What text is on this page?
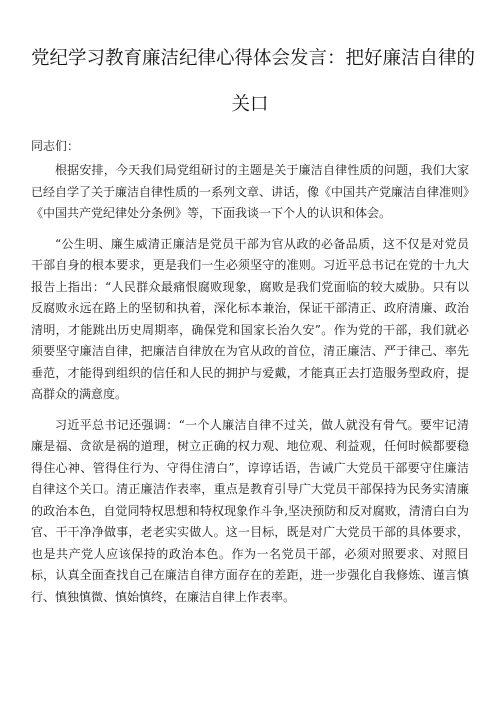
党纪学习教育廉洁纪律心得体会发言：把好廉洁自律的
关口
同志们：

根据安排，今天我们局党组研讨的主题是关于廉洁自律性质的问题，我们大家已经自学了关于廉洁自律性质的一系列文章、讲话，像《中国共产党廉洁自律准则》《中国共产党纪律处分条例》等，下面我谈一下个人的认识和体会。

“公生明、廉生威清正廉洁是党员干部为官从政的必备品质，这不仅是对党员干部自身的根本要求，更是我们一生必须坚守的准则。习近平总书记在党的十九大报告上指出：“人民群众最痛恨腐败现象，腐败是我们党面临的较大威胁。只有以反腐败永远在路上的坚韧和执着，深化标本兼治，保证干部清正、政府清廉、政治清明，才能跳出历史周期率，确保党和国家长治久安”。作为党的干部，我们就必须要坚守廉洁自律，把廉洁自律放在为官从政的首位，清正廉洁、严于律己、率先垂范，才能得到组织的信任和人民的拥护与爱戴，才能真正去打造服务型政府，提高群众的满意度。

习近平总书记还强调：“一个人廉洁自律不过关，做人就没有骨气。要牢记清廉是福、贪欲是祸的道理，树立正确的权力观、地位观、利益观，任何时候都要稳得住心神、管得住行为、守得住清白”，谆谆话语，告诫广大党员干部要守住廉洁自律这个关口。清正廉洁作表率，重点是教育引导广大党员干部保持为民务实清廉的政治本色，自觉同特权思想和特权现象作斗争,坚决预防和反对腐败，清清白白为官、干干净净做事，老老实实做人。这一目标，既是对广大党员干部的具体要求，也是共产党人应该保持的政治本色。作为一名党员干部，必须对照要求、对照目标，认真全面查找自己在廉洁自律方面存在的差距，进一步强化自我修炼、谨言慎行、慎独慎微、慎始慎终，在廉洁自律上作表率。
